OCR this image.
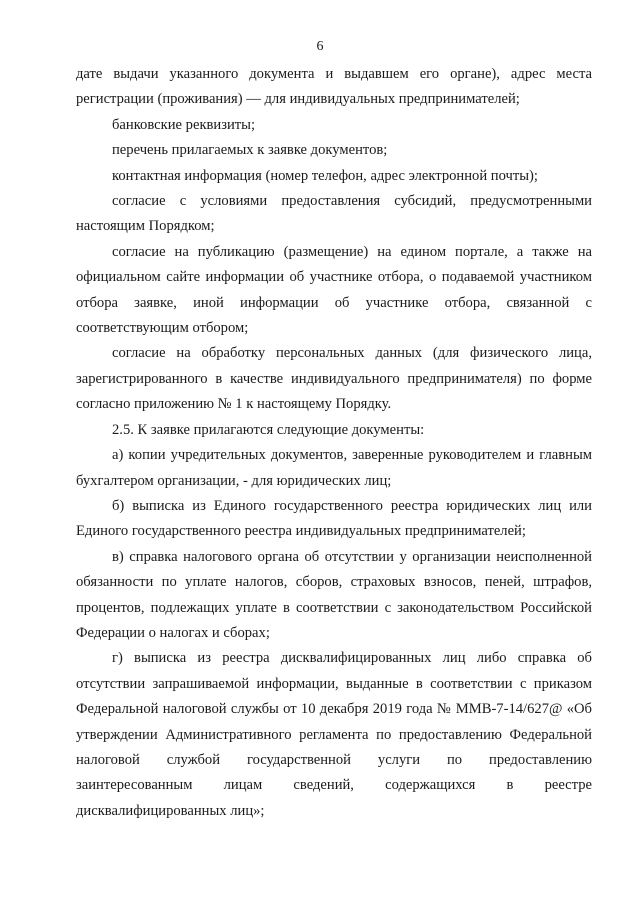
6

дате выдачи указанного документа и выдавшем его органе), адрес места регистрации (проживания) — для индивидуальных предпринимателей;

банковские реквизиты;

перечень прилагаемых к заявке документов;

контактная информация (номер телефон, адрес электронной почты);

согласие с условиями предоставления субсидий, предусмотренными настоящим Порядком;

согласие на публикацию (размещение) на едином портале, а также на официальном сайте информации об участнике отбора, о подаваемой участником отбора заявке, иной информации об участнике отбора, связанной с соответствующим отбором;

согласие на обработку персональных данных (для физического лица, зарегистрированного в качестве индивидуального предпринимателя) по форме согласно приложению № 1 к настоящему Порядку.

2.5. К заявке прилагаются следующие документы:

а) копии учредительных документов, заверенные руководителем и главным бухгалтером организации, - для юридических лиц;

б) выписка из Единого государственного реестра юридических лиц или Единого государственного реестра индивидуальных предпринимателей;

в) справка налогового органа об отсутствии у организации неисполненной обязанности по уплате налогов, сборов, страховых взносов, пеней, штрафов, процентов, подлежащих уплате в соответствии с законодательством Российской Федерации о налогах и сборах;

г) выписка из реестра дисквалифицированных лиц либо справка об отсутствии запрашиваемой информации, выданные в соответствии с приказом Федеральной налоговой службы от 10 декабря 2019 года № ММВ-7-14/627@ «Об утверждении Административного регламента по предоставлению Федеральной налоговой службой государственной услуги по предоставлению заинтересованным лицам сведений, содержащихся в реестре дисквалифицированных лиц»;
